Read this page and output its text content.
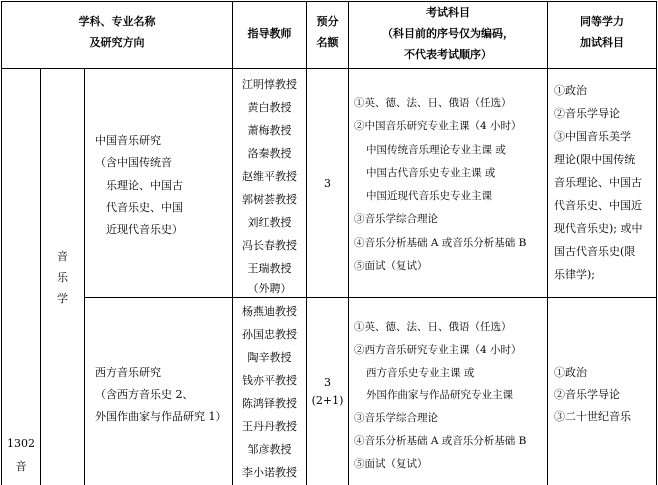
学科、专业名称
及研究方向
指导教师
预分
名额
考试科目
（科目前的序号仅为编码，
不代表考试顺序）
同等学力
加试科目
1302
音
音
乐
学
中国音乐研究
（含中国传统音
乐理论、中国古
代音乐史、中国
近现代音乐史）
江明惇教授
黄白教授
萧梅教授
洛秦教授
赵维平教授
郭树荟教授
刘红教授
冯长春教授
王瑞教授
（外聘）
3
①英、德、法、日、俄语（任选）
②中国音乐研究专业主课（4 小时）
中国传统音乐理论专业主课 或
中国古代音乐史专业主课 或
中国近现代音乐史专业主课
③音乐学综合理论
④音乐分析基础 A 或音乐分析基础 B
⑤面试（复试）
①政治
②音乐学导论
③中国音乐美学
理论(限中国传统
音乐理论、中国古
代音乐史、中国近
现代音乐史); 或中
国古代音乐史(限
乐律学);
西方音乐研究
（含西方音乐史 2、
外国作曲家与作品研究 1）
杨燕迪教授
孙国忠教授
陶辛教授
钱亦平教授
陈鸿铎教授
王丹丹教授
邹彦教授
李小诺教授
3
(2+1)
①英、德、法、日、俄语（任选）
②西方音乐研究专业主课（4 小时）
西方音乐史专业主课 或
外国作曲家与作品研究专业主课
③音乐学综合理论
④音乐分析基础 A 或音乐分析基础 B
⑤面试（复试）
①政治
②音乐学导论
③二十世纪音乐
